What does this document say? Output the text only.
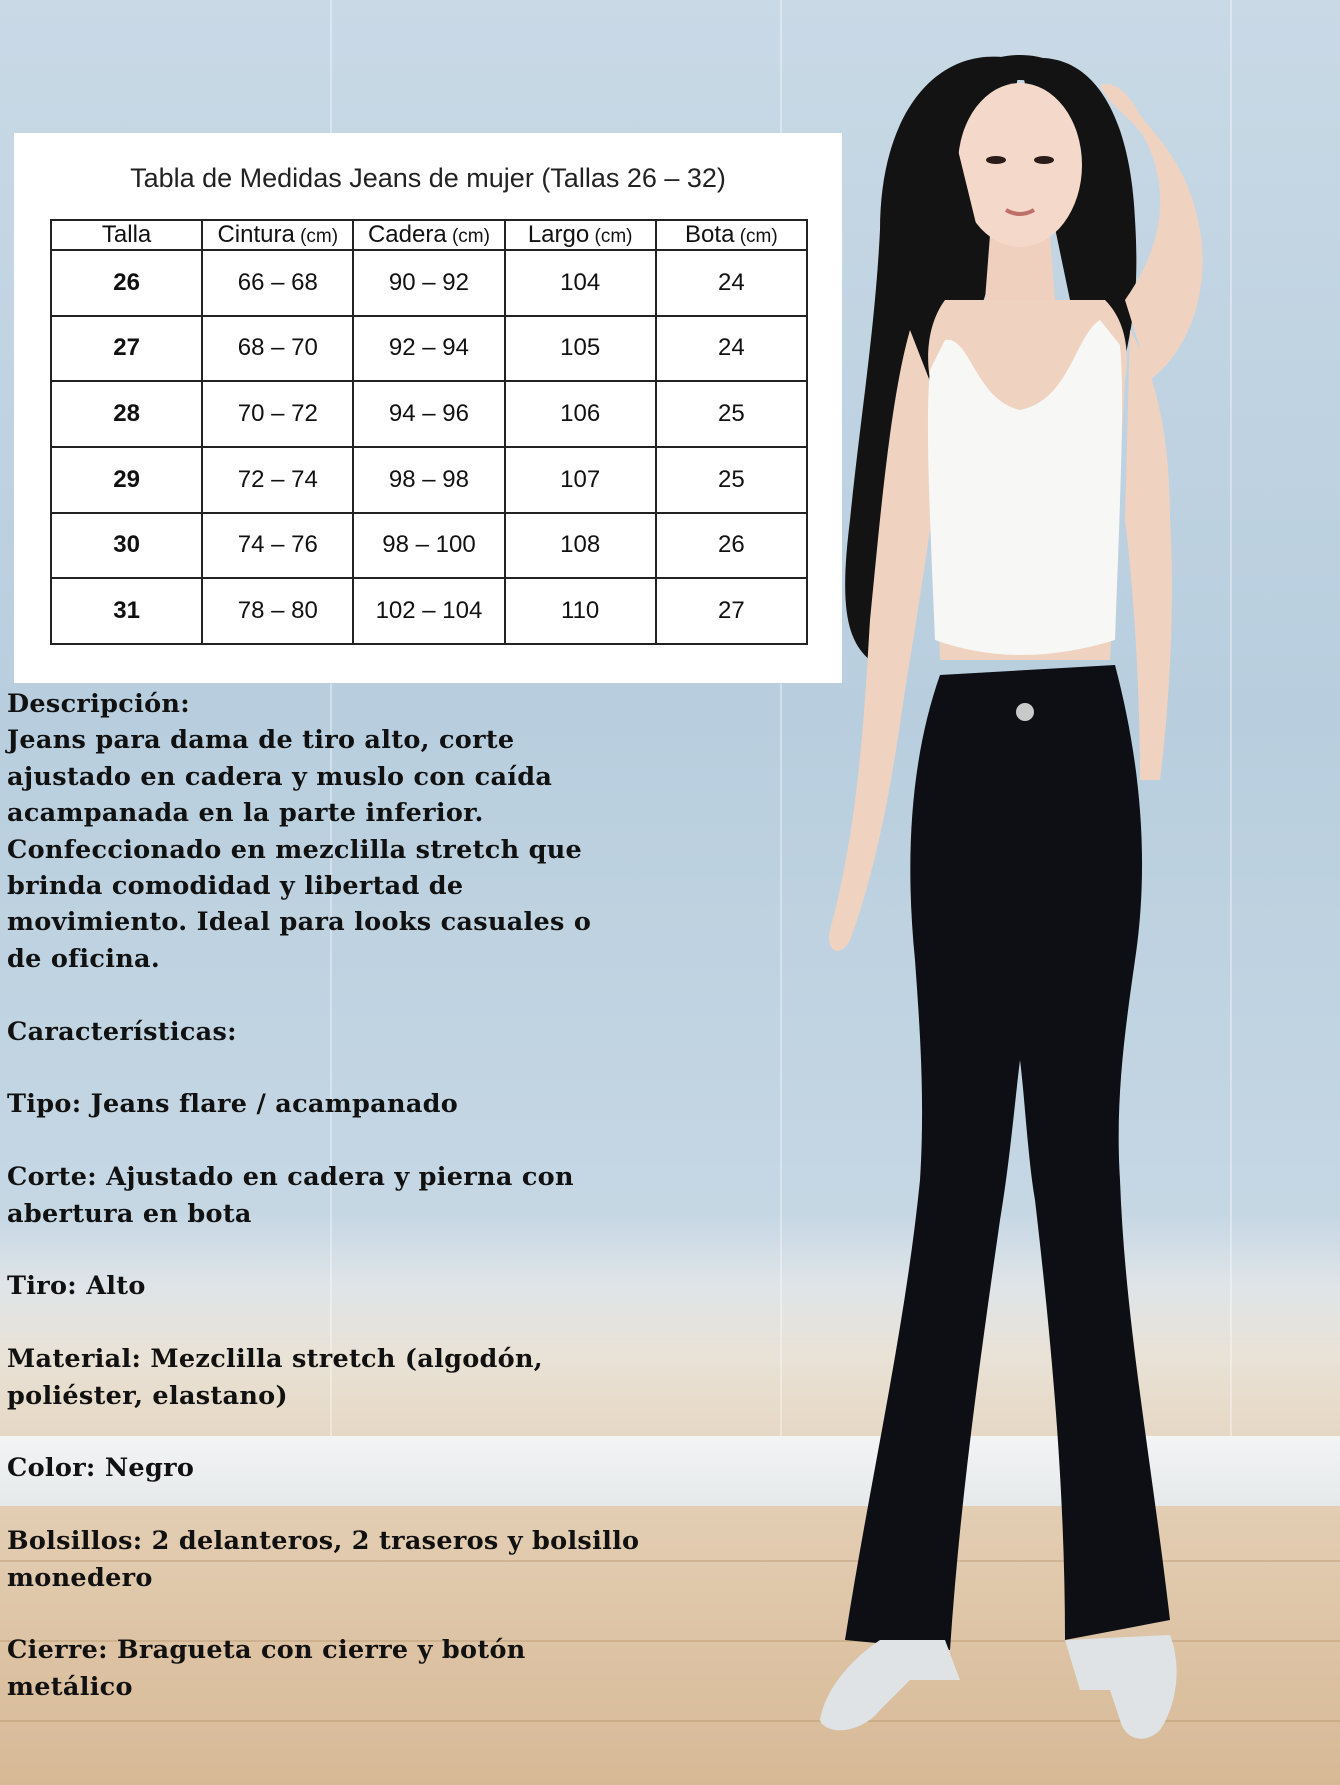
Tabla de Medidas Jeans de mujer (Tallas 26 – 32)
Talla	Cintura (cm)	Cadera (cm)	Largo (cm)	Bota (cm)
26	66 – 68	90 – 92	104	24
27	68 – 70	92 – 94	105	24
28	70 – 72	94 – 96	106	25
29	72 – 74	98 – 98	107	25
30	74 – 76	98 – 100	108	26
31	78 – 80	102 – 104	110	27

Descripción:

Jeans para dama de tiro alto, corte

ajustado en cadera y muslo con caída

acampanada en la parte inferior.

Confeccionado en mezclilla stretch que

brinda comodidad y libertad de

movimiento. Ideal para looks casuales o

de oficina.

Características:

Tipo: Jeans flare / acampanado

Corte: Ajustado en cadera y pierna con

abertura en bota

Tiro: Alto

Material: Mezclilla stretch (algodón,

poliéster, elastano)

Color: Negro

Bolsillos: 2 delanteros, 2 traseros y bolsillo

monedero

Cierre: Bragueta con cierre y botón

metálico
